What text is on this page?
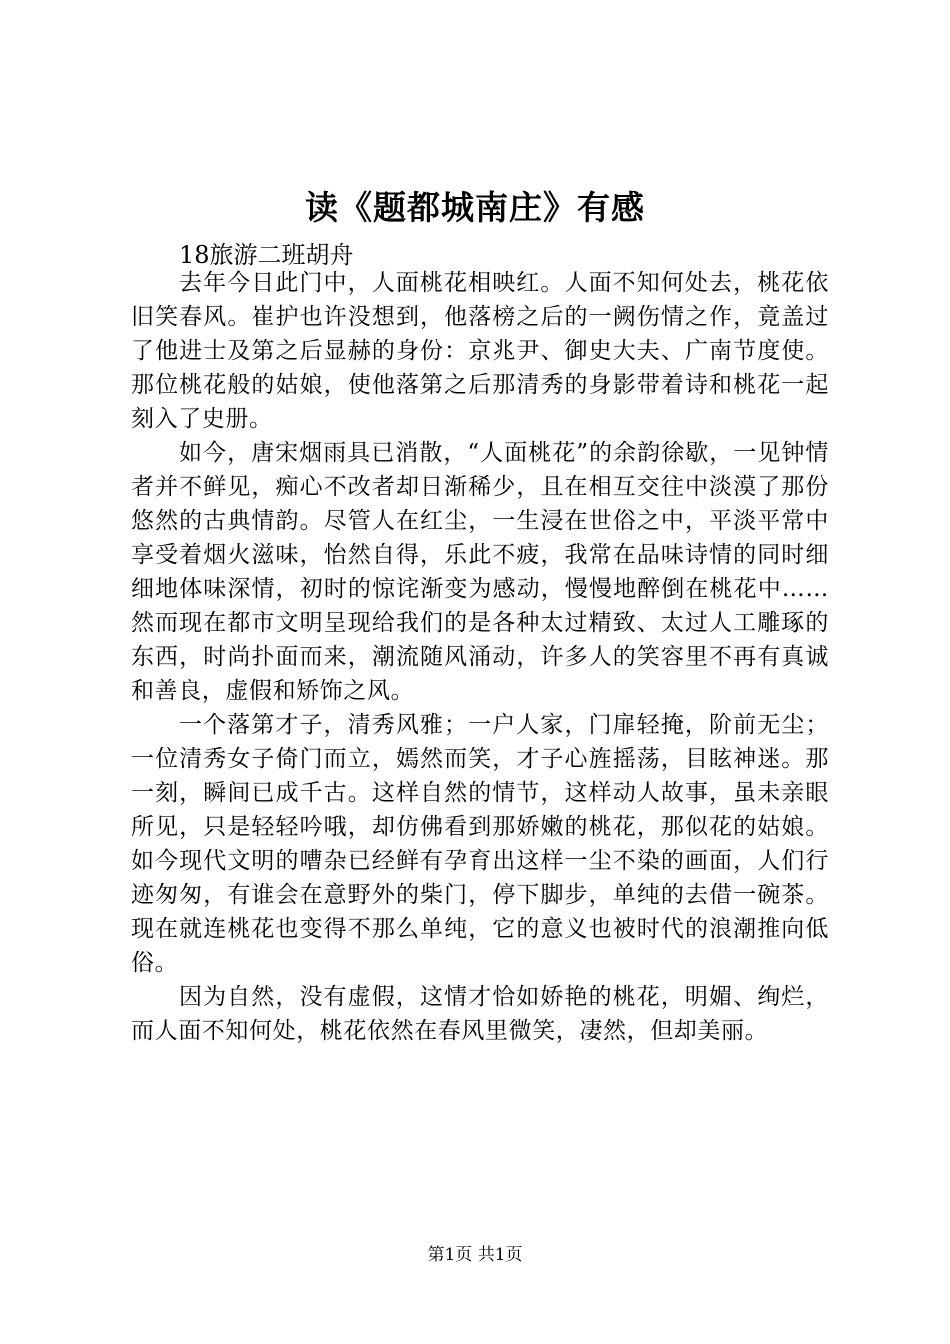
读《题都城南庄》有感
18旅游二班胡舟

去年今日此门中，人面桃花相映红。人面不知何处去，桃花依旧笑春风。崔护也许没想到，他落榜之后的一阙伤情之作，竟盖过了他进士及第之后显赫的身份：京兆尹、御史大夫、广南节度使。那位桃花般的姑娘，使他落第之后那清秀的身影带着诗和桃花一起刻入了史册。

如今，唐宋烟雨具已消散，“人面桃花”的余韵徐歇，一见钟情者并不鲜见，痴心不改者却日渐稀少，且在相互交往中淡漠了那份悠然的古典情韵。尽管人在红尘，一生浸在世俗之中，平淡平常中享受着烟火滋味，怡然自得，乐此不疲，我常在品味诗情的同时细细地体味深情，初时的惊诧渐变为感动，慢慢地醉倒在桃花中……然而现在都市文明呈现给我们的是各种太过精致、太过人工雕琢的东西，时尚扑面而来，潮流随风涌动，许多人的笑容里不再有真诚和善良，虚假和矫饰之风。

一个落第才子，清秀风雅；一户人家，门扉轻掩，阶前无尘；一位清秀女子倚门而立，嫣然而笑，才子心旌摇荡，目眩神迷。那一刻，瞬间已成千古。这样自然的情节，这样动人故事，虽未亲眼所见，只是轻轻吟哦，却仿佛看到那娇嫩的桃花，那似花的姑娘。如今现代文明的嘈杂已经鲜有孕育出这样一尘不染的画面，人们行迹匆匆，有谁会在意野外的柴门，停下脚步，单纯的去借一碗茶。现在就连桃花也变得不那么单纯，它的意义也被时代的浪潮推向低俗。

因为自然，没有虚假，这情才恰如娇艳的桃花，明媚、绚烂，而人面不知何处，桃花依然在春风里微笑，凄然，但却美丽。

第1页 共1页
